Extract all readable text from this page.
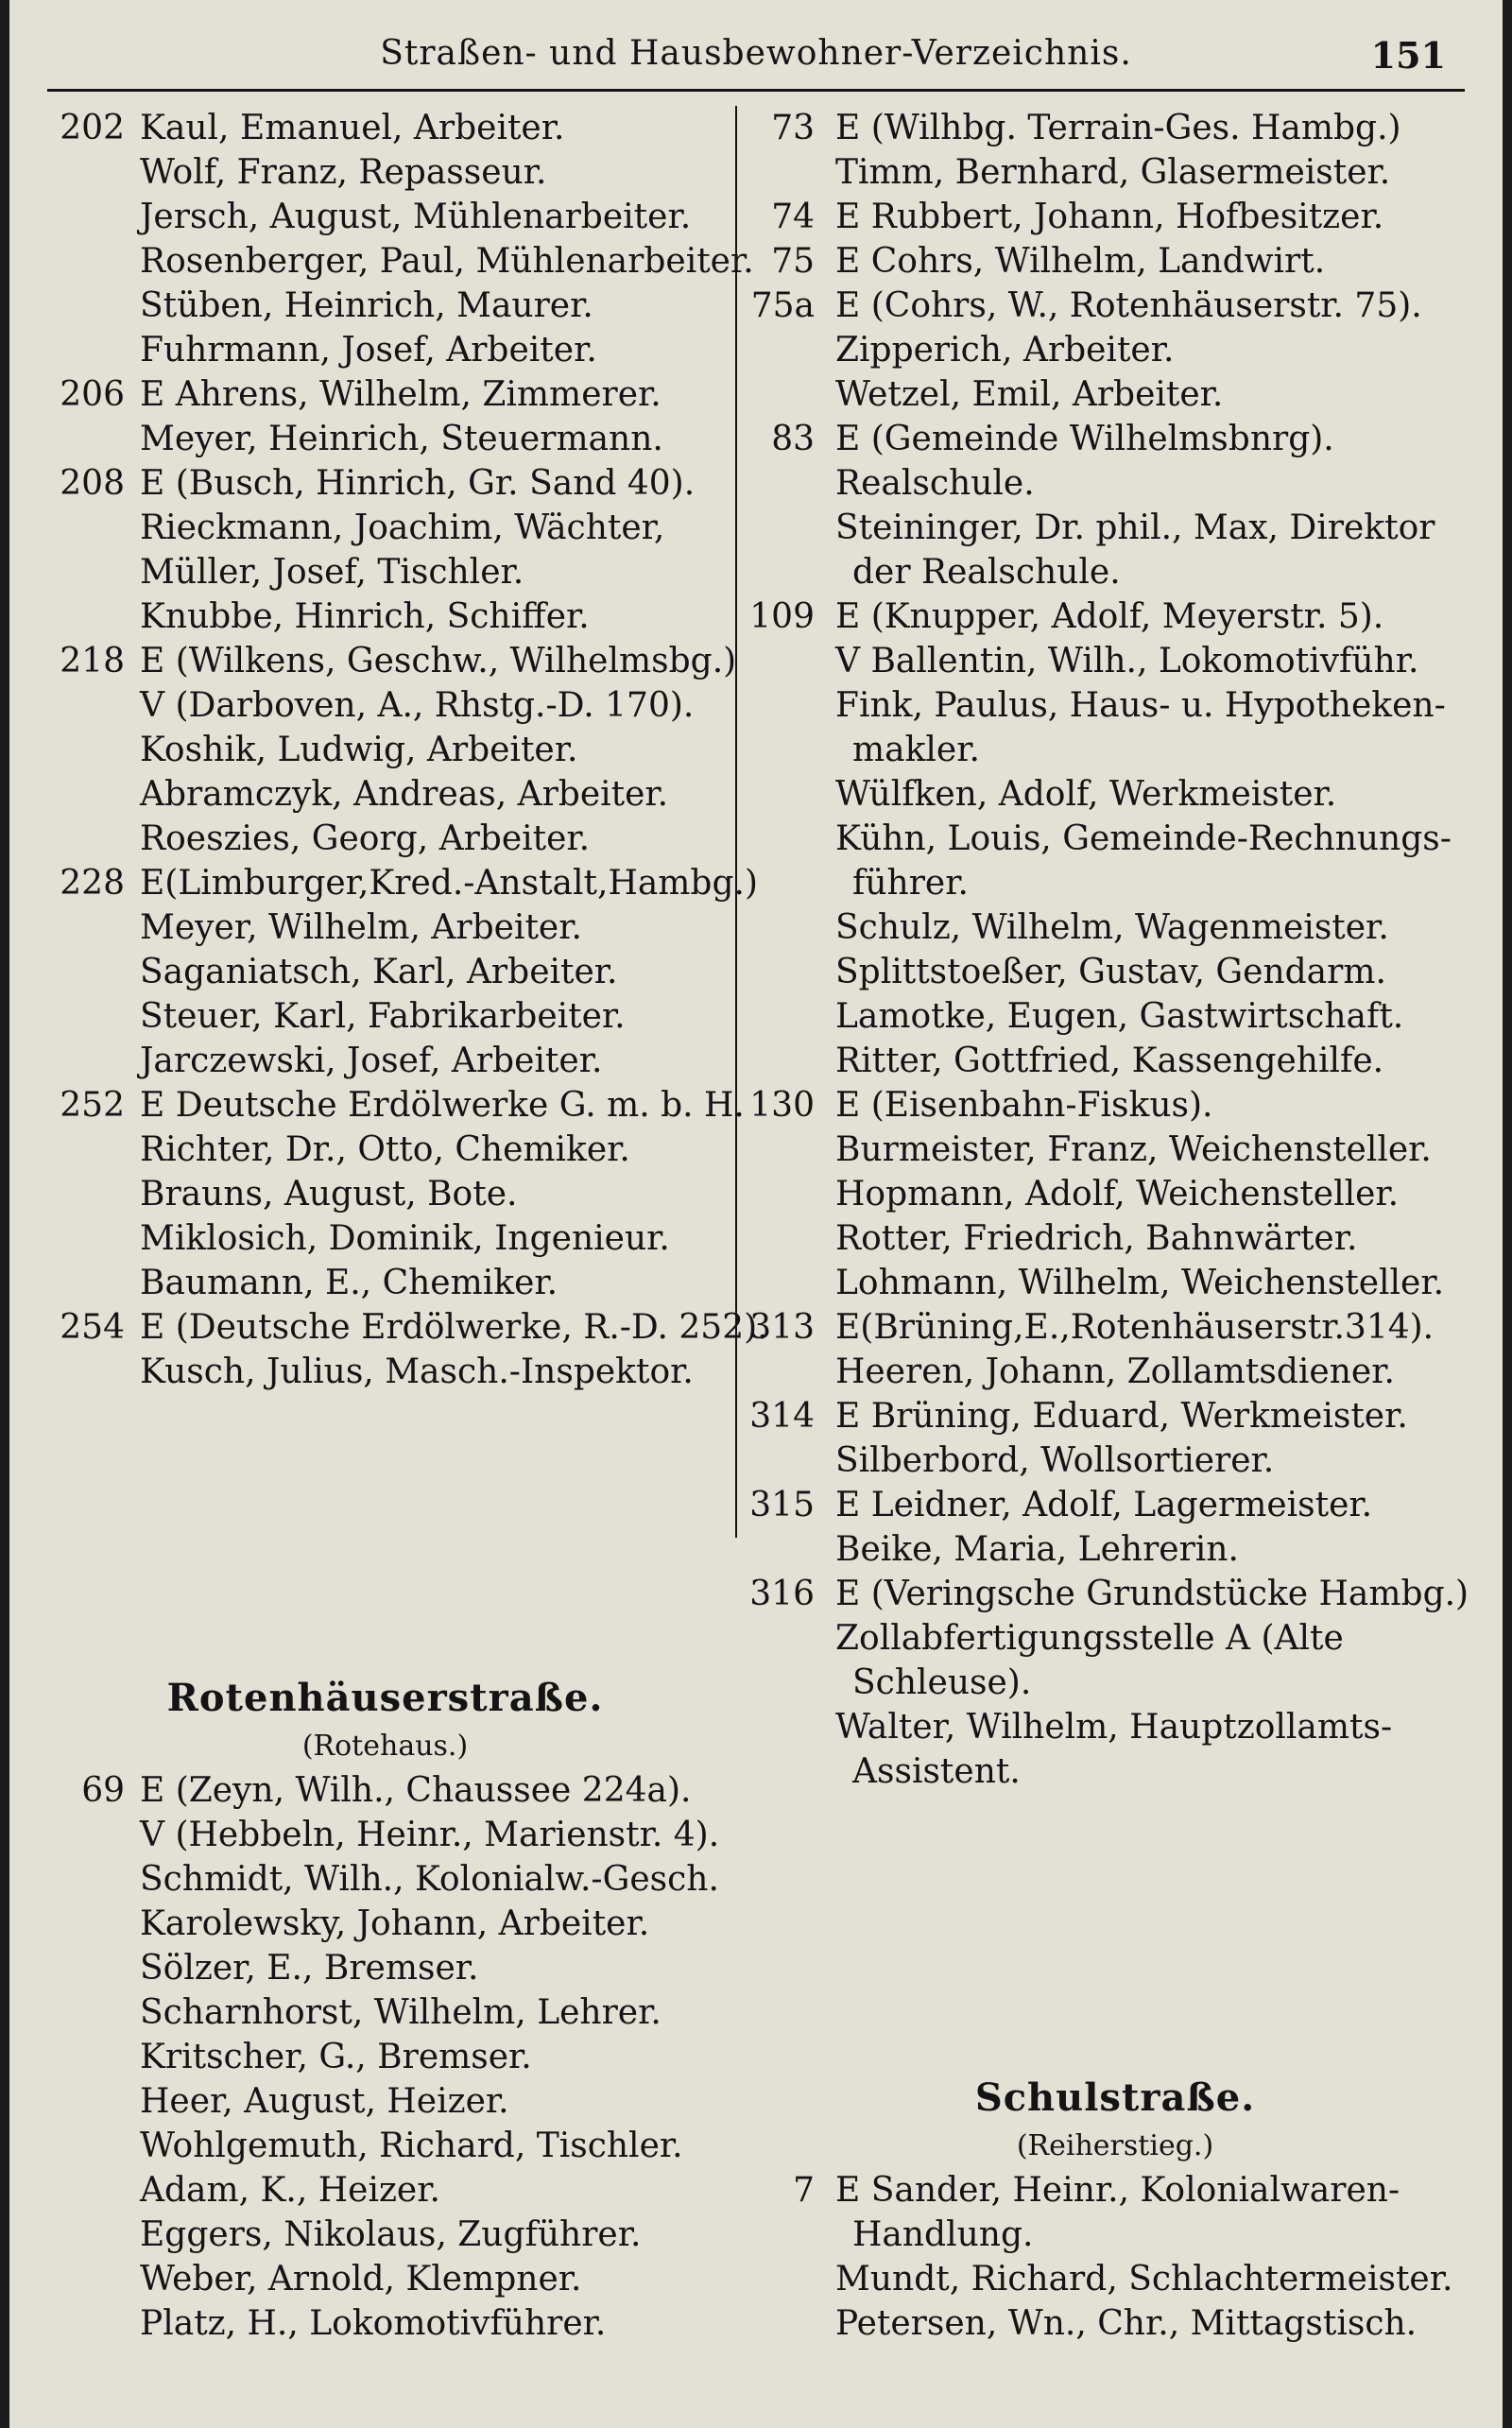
Straßen- und Hausbewohner-Verzeichnis.	151
202 Kaul, Emanuel, Arbeiter.
Wolf, Franz, Repasseur.
Jersch, August, Mühlenarbeiter.
Rosenberger, Paul, Mühlenarbeiter.
Stüben, Heinrich, Maurer.
Fuhrmann, Josef, Arbeiter.
206 E Ahrens, Wilhelm, Zimmerer.
Meyer, Heinrich, Steuermann.
208 E (Busch, Hinrich, Gr. Sand 40).
Rieckmann, Joachim, Wächter,
Müller, Josef, Tischler.
Knubbe, Hinrich, Schiffer.
218 E (Wilkens, Geschw., Wilhelmsbg.)
V (Darboven, A., Rhstg.-D. 170).
Koshik, Ludwig, Arbeiter.
Abramczyk, Andreas, Arbeiter.
Roeszies, Georg, Arbeiter.
228 E(Limburger,Kred.-Anstalt,Hambg.)
Meyer, Wilhelm, Arbeiter.
Saganiatsch, Karl, Arbeiter.
Steuer, Karl, Fabrikarbeiter.
Jarczewski, Josef, Arbeiter.
252 E Deutsche Erdölwerke G. m. b. H.
Richter, Dr., Otto, Chemiker.
Brauns, August, Bote.
Miklosich, Dominik, Ingenieur.
Baumann, E., Chemiker.
254 E (Deutsche Erdölwerke, R.-D. 252).
Kusch, Julius, Masch.-Inspektor.
Rotenhäuserstraße.
(Rotehaus.)
69 E (Zeyn, Wilh., Chaussee 224a).
V (Hebbeln, Heinr., Marienstr. 4).
Schmidt, Wilh., Kolonialw.-Gesch.
Karolewsky, Johann, Arbeiter.
Sölzer, E., Bremser.
Scharnhorst, Wilhelm, Lehrer.
Kritscher, G., Bremser.
Heer, August, Heizer.
Wohlgemuth, Richard, Tischler.
Adam, K., Heizer.
Eggers, Nikolaus, Zugführer.
Weber, Arnold, Klempner.
Platz, H., Lokomotivführer.
73 E (Wilhbg. Terrain-Ges. Hambg.)
Timm, Bernhard, Glasermeister.
74 E Rubbert, Johann, Hofbesitzer.
75 E Cohrs, Wilhelm, Landwirt.
75a E (Cohrs, W., Rotenhäuserstr. 75).
Zipperich, Arbeiter.
Wetzel, Emil, Arbeiter.
83 E (Gemeinde Wilhelmsbnrg).
Realschule.
Steininger, Dr. phil., Max, Direktor
der Realschule.
109 E (Knupper, Adolf, Meyerstr. 5).
V Ballentin, Wilh., Lokomotivführ.
Fink, Paulus, Haus- u. Hypotheken-
makler.
Wülfken, Adolf, Werkmeister.
Kühn, Louis, Gemeinde-Rechnungs-
führer.
Schulz, Wilhelm, Wagenmeister.
Splittstoeßer, Gustav, Gendarm.
Lamotke, Eugen, Gastwirtschaft.
Ritter, Gottfried, Kassengehilfe.
130 E (Eisenbahn-Fiskus).
Burmeister, Franz, Weichensteller.
Hopmann, Adolf, Weichensteller.
Rotter, Friedrich, Bahnwärter.
Lohmann, Wilhelm, Weichensteller.
313 E(Brüning,E.,Rotenhäuserstr.314).
Heeren, Johann, Zollamtsdiener.
314 E Brüning, Eduard, Werkmeister.
Silberbord, Wollsortierer.
315 E Leidner, Adolf, Lagermeister.
Beike, Maria, Lehrerin.
316 E (Veringsche Grundstücke Hambg.)
Zollabfertigungsstelle A (Alte
Schleuse).
Walter, Wilhelm, Hauptzollamts-
Assistent.
Schulstraße.
(Reiherstieg.)
7 E Sander, Heinr., Kolonialwaren-
Handlung.
Mundt, Richard, Schlachtermeister.
Petersen, Wn., Chr., Mittagstisch.
